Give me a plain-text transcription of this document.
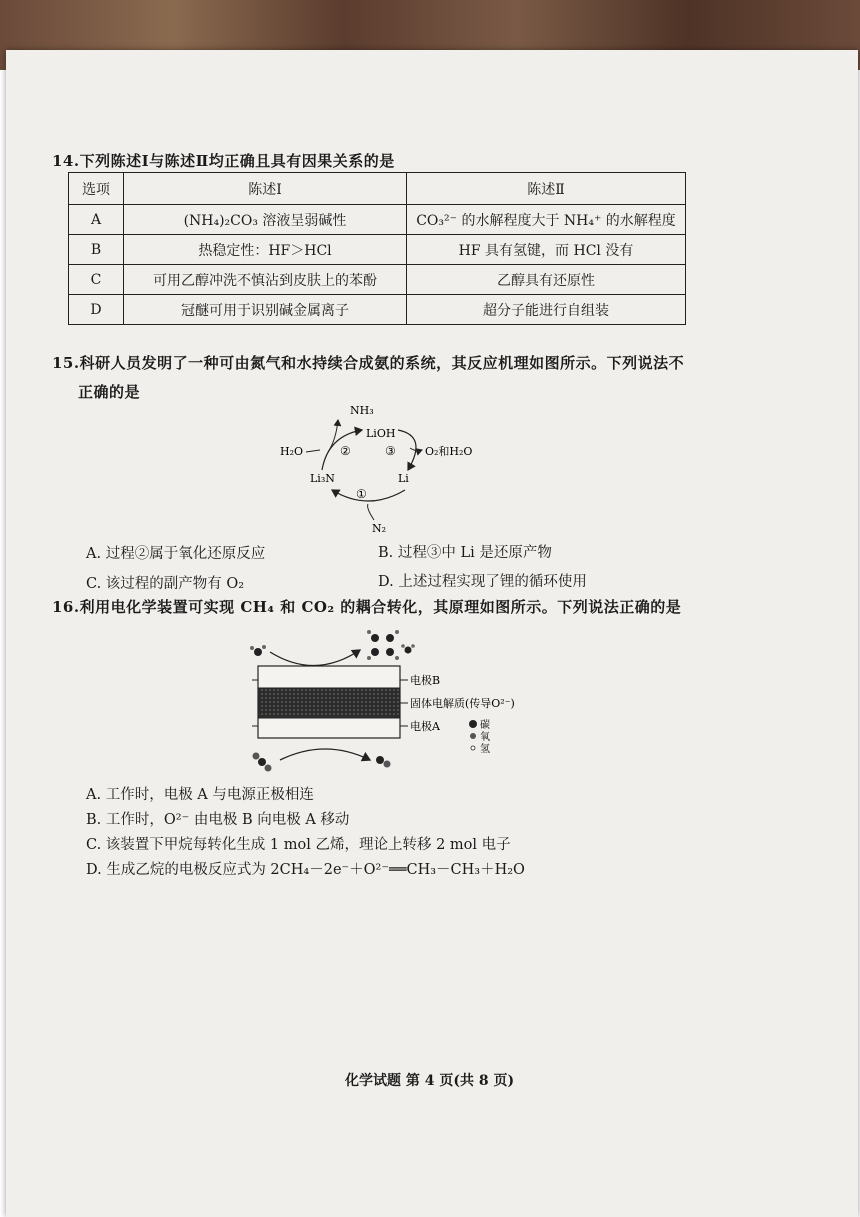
14.下列陈述Ⅰ与陈述Ⅱ均正确且具有因果关系的是
选项	陈述Ⅰ	陈述Ⅱ
A	(NH₄)₂CO₃ 溶液呈弱碱性	CO₃²⁻ 的水解程度大于 NH₄⁺ 的水解程度
B	热稳定性：HF＞HCl	HF 具有氢键，而 HCl 没有
C	可用乙醇冲洗不慎沾到皮肤上的苯酚	乙醇具有还原性
D	冠醚可用于识别碱金属离子	超分子能进行自组装
15.科研人员发明了一种可由氮气和水持续合成氨的系统，其反应机理如图所示。下列说法不
正确的是
NH₃
LiOH
H₂O	O₂和H₂O
Li₃N	Li
N₂
②	③
①
A. 过程②属于氧化还原反应	B. 过程③中 Li 是还原产物
C. 该过程的副产物有 O₂	D. 上述过程实现了锂的循环使用
16.利用电化学装置可实现 CH₄ 和 CO₂ 的耦合转化，其原理如图所示。下列说法正确的是
电极B
固体电解质(传导O²⁻)
电极A	碳
氧
氢
A. 工作时，电极 A 与电源正极相连
B. 工作时，O²⁻ 由电极 B 向电极 A 移动
C. 该装置下甲烷每转化生成 1 mol 乙烯，理论上转移 2 mol 电子
D. 生成乙烷的电极反应式为 2CH₄－2e⁻＋O²⁻══CH₃－CH₃＋H₂O
化学试题 第 4 页(共 8 页)
